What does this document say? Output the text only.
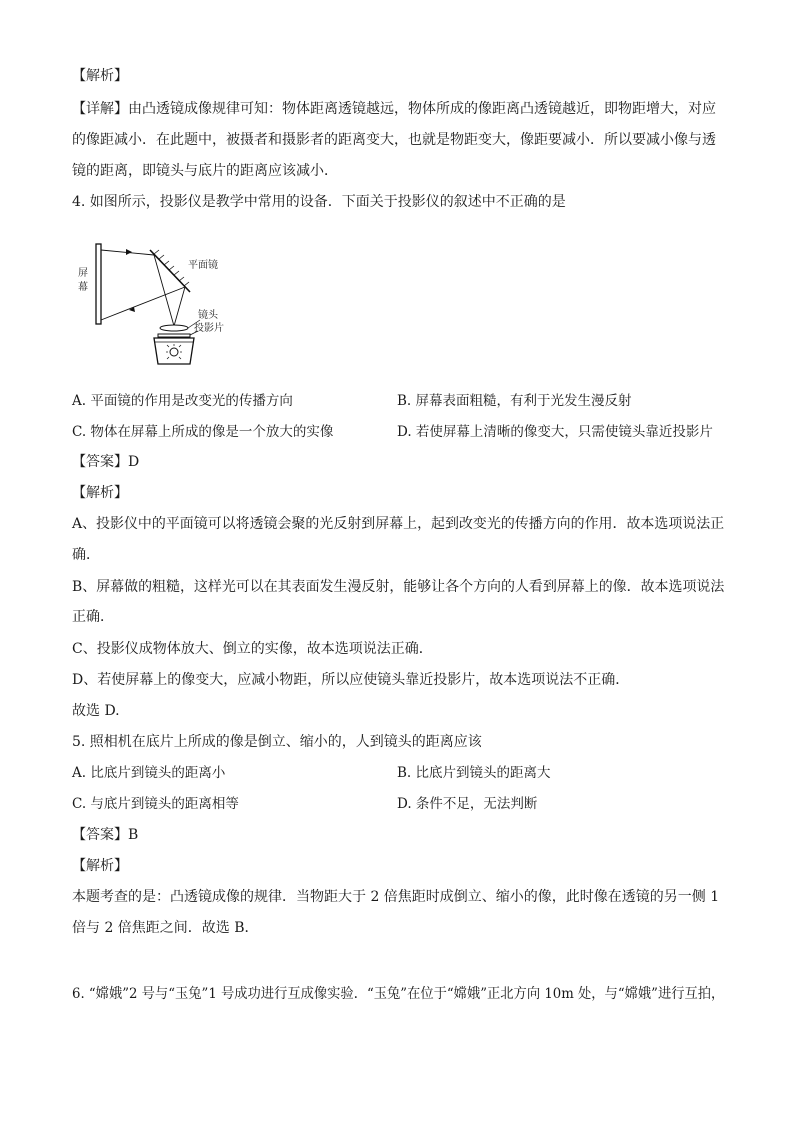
【解析】
【详解】由凸透镜成像规律可知：物体距离透镜越远，物体所成的像距离凸透镜越近，即物距增大，对应
的像距减小．在此题中，被摄者和摄影者的距离变大，也就是物距变大，像距要减小．所以要减小像与透
镜的距离，即镜头与底片的距离应该减小．
4. 如图所示，投影仪是教学中常用的设备．下面关于投影仪的叙述中不正确的是
屏
幕
平面镜
镜头
投影片
A. 平面镜的作用是改变光的传播方向	B. 屏幕表面粗糙，有利于光发生漫反射
C. 物体在屏幕上所成的像是一个放大的实像	D. 若使屏幕上清晰的像变大，只需使镜头靠近投影片
【答案】D
【解析】
A、投影仪中的平面镜可以将透镜会聚的光反射到屏幕上，起到改变光的传播方向的作用．故本选项说法正
确．
B、屏幕做的粗糙，这样光可以在其表面发生漫反射，能够让各个方向的人看到屏幕上的像．故本选项说法
正确．
C、投影仪成物体放大、倒立的实像，故本选项说法正确．
D、若使屏幕上的像变大，应减小物距，所以应使镜头靠近投影片，故本选项说法不正确．
故选 D.
5. 照相机在底片上所成的像是倒立、缩小的，人到镜头的距离应该
A. 比底片到镜头的距离小	B. 比底片到镜头的距离大
C. 与底片到镜头的距离相等	D. 条件不足，无法判断
【答案】B
【解析】
本题考查的是：凸透镜成像的规律．当物距大于 2 倍焦距时成倒立、缩小的像，此时像在透镜的另一侧 1
倍与 2 倍焦距之间．故选 B．
6. “嫦娥”2 号与“玉兔”1 号成功进行互成像实验．“玉兔”在位于“嫦娥”正北方向 10m 处，与“嫦娥”进行互拍，
